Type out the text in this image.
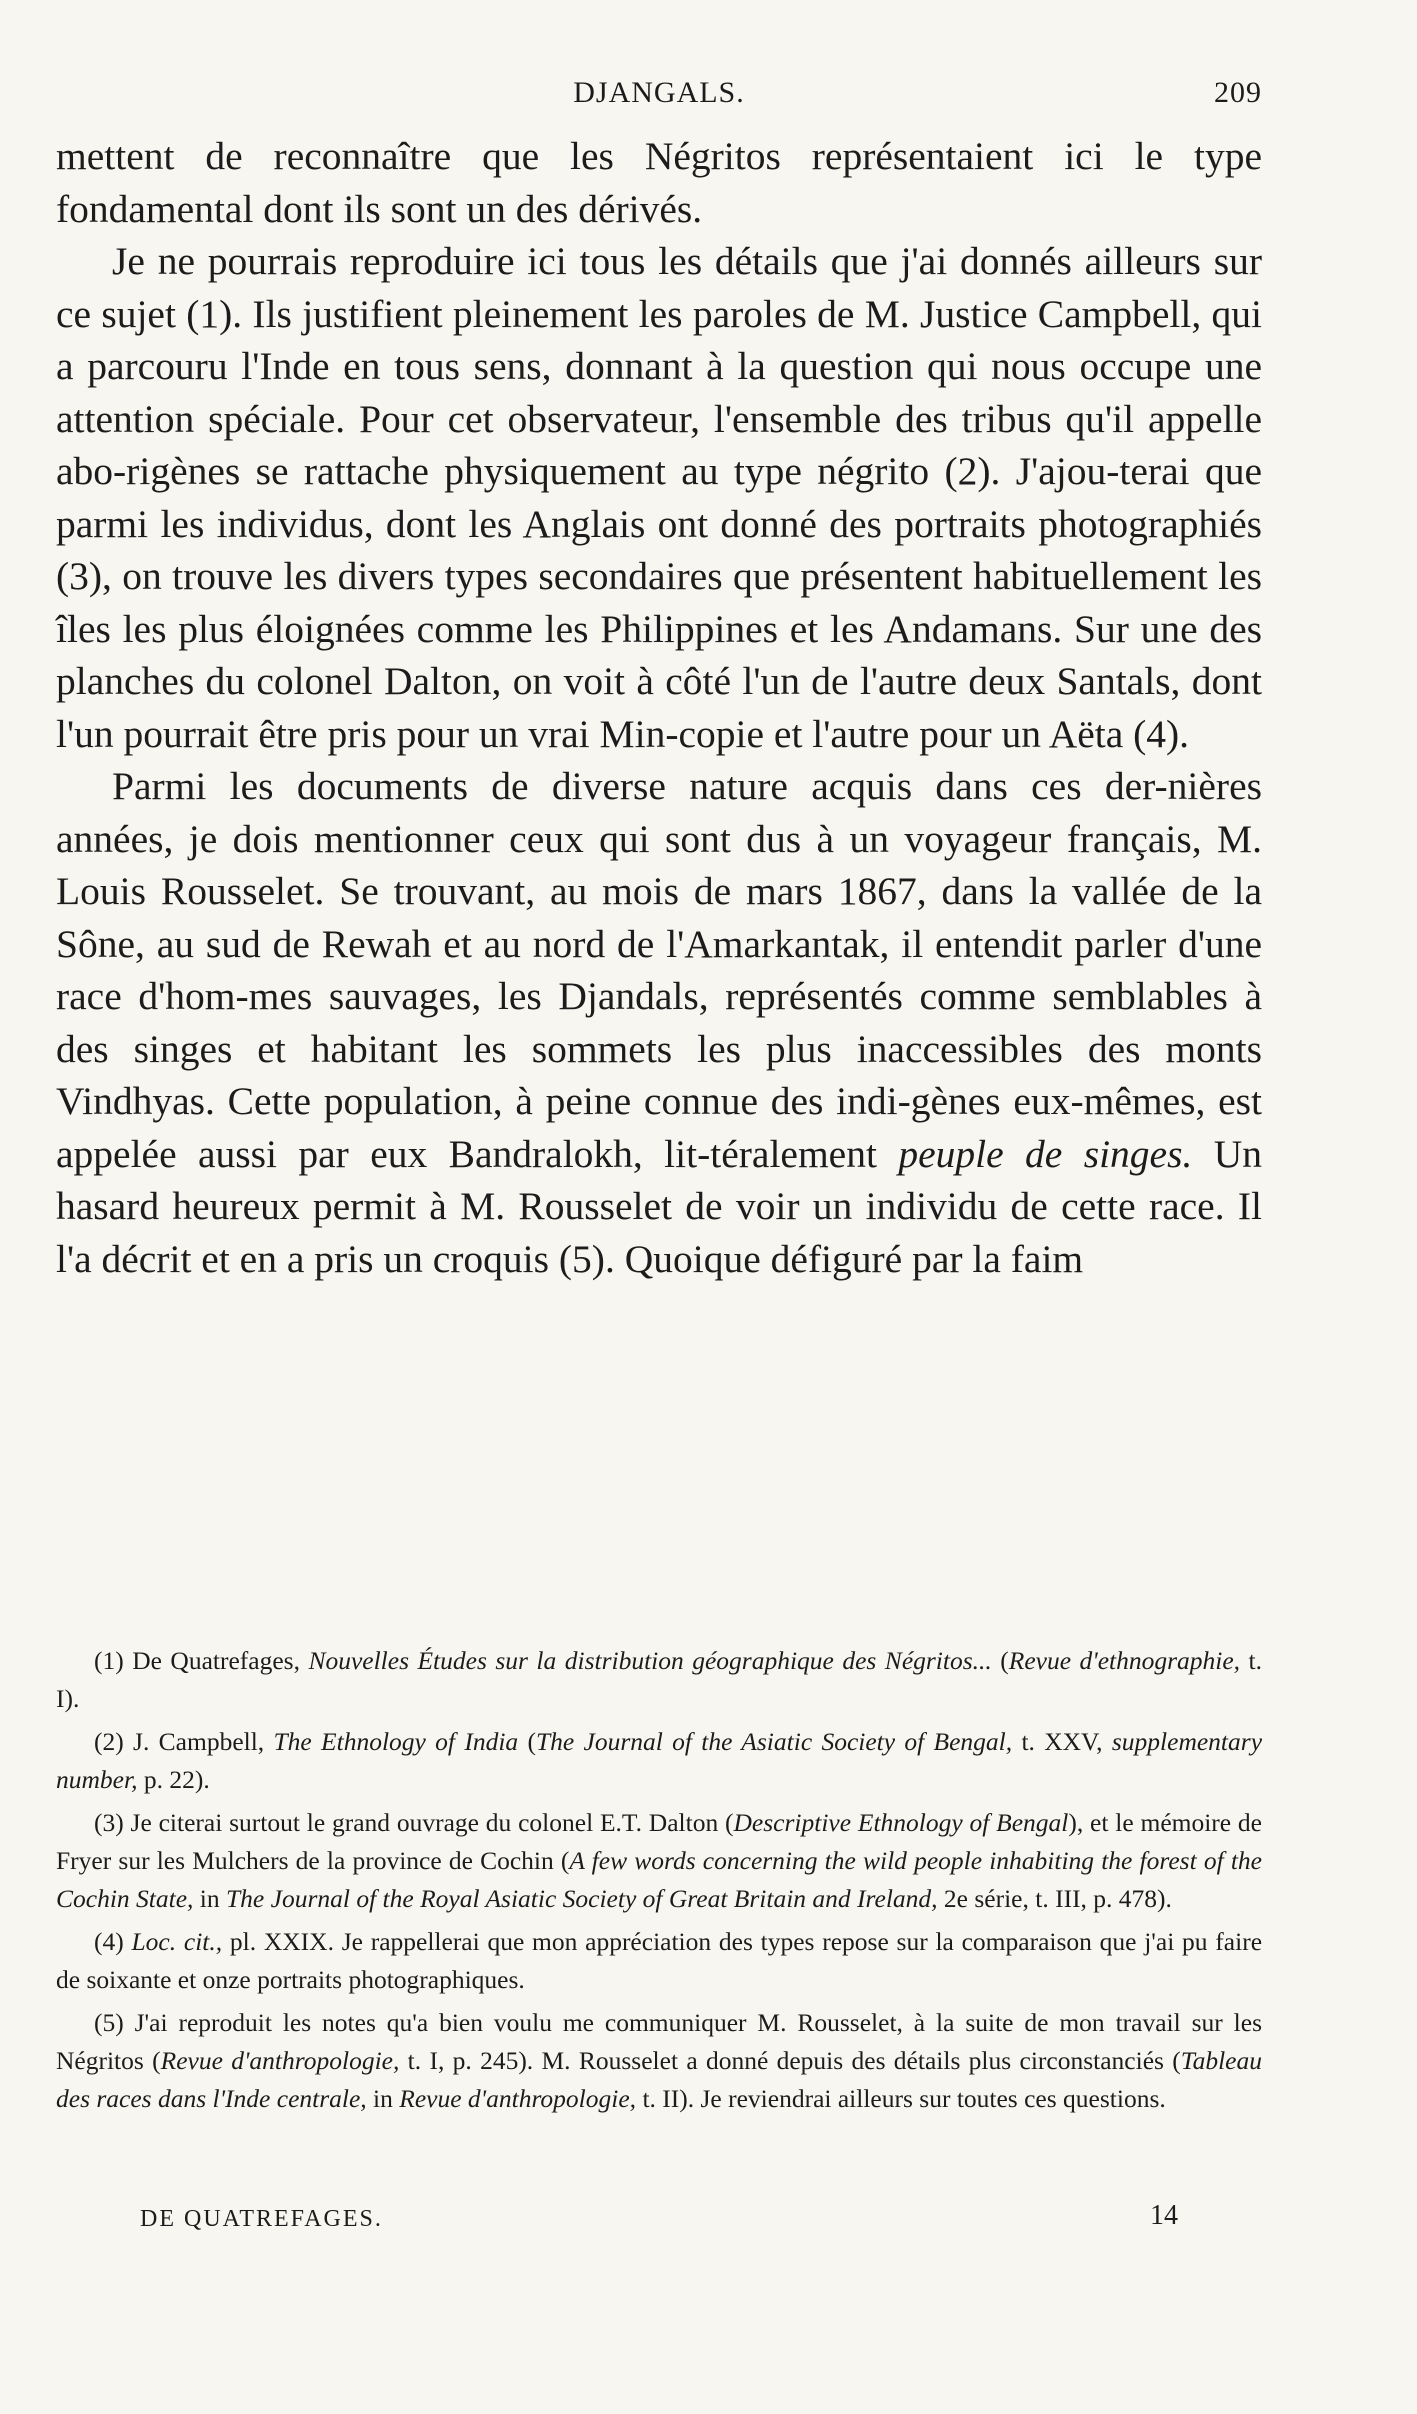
DJANGALS.	209

mettent de reconnaître que les Négritos représentaient ici le type fondamental dont ils sont un des dérivés.

Je ne pourrais reproduire ici tous les détails que j'ai donnés ailleurs sur ce sujet (1). Ils justifient pleinement les paroles de M. Justice Campbell, qui a parcouru l'Inde en tous sens, donnant à la question qui nous occupe une attention spéciale. Pour cet observateur, l'ensemble des tribus qu'il appelle abo-rigènes se rattache physiquement au type négrito (2). J'ajou-terai que parmi les individus, dont les Anglais ont donné des portraits photographiés (3), on trouve les divers types secondaires que présentent habituellement les îles les plus éloignées comme les Philippines et les Andamans. Sur une des planches du colonel Dalton, on voit à côté l'un de l'autre deux Santals, dont l'un pourrait être pris pour un vrai Min-copie et l'autre pour un Aëta (4).

Parmi les documents de diverse nature acquis dans ces der-nières années, je dois mentionner ceux qui sont dus à un voyageur français, M. Louis Rousselet. Se trouvant, au mois de mars 1867, dans la vallée de la Sône, au sud de Rewah et au nord de l'Amarkantak, il entendit parler d'une race d'hom-mes sauvages, les Djandals, représentés comme semblables à des singes et habitant les sommets les plus inaccessibles des monts Vindhyas. Cette population, à peine connue des indi-gènes eux-mêmes, est appelée aussi par eux Bandralokh, lit-téralement peuple de singes. Un hasard heureux permit à M. Rousselet de voir un individu de cette race. Il l'a décrit et en a pris un croquis (5). Quoique défiguré par la faim

(1) De Quatrefages, Nouvelles Études sur la distribution géographique des Négritos... (Revue d'ethnographie, t. I).

(2) J. Campbell, The Ethnology of India (The Journal of the Asiatic Society of Bengal, t. XXV, supplementary number, p. 22).

(3) Je citerai surtout le grand ouvrage du colonel E.T. Dalton (Descriptive Ethnology of Bengal), et le mémoire de Fryer sur les Mulchers de la province de Cochin (A few words concerning the wild people inhabiting the forest of the Cochin State, in The Journal of the Royal Asiatic Society of Great Britain and Ireland, 2e série, t. III, p. 478).

(4) Loc. cit., pl. XXIX. Je rappellerai que mon appréciation des types repose sur la comparaison que j'ai pu faire de soixante et onze portraits photographiques.

(5) J'ai reproduit les notes qu'a bien voulu me communiquer M. Rousselet, à la suite de mon travail sur les Négritos (Revue d'anthropologie, t. I, p. 245). M. Rousselet a donné depuis des détails plus circonstanciés (Tableau des races dans l'Inde centrale, in Revue d'anthropologie, t. II). Je reviendrai ailleurs sur toutes ces questions.

DE QUATREFAGES.	14
